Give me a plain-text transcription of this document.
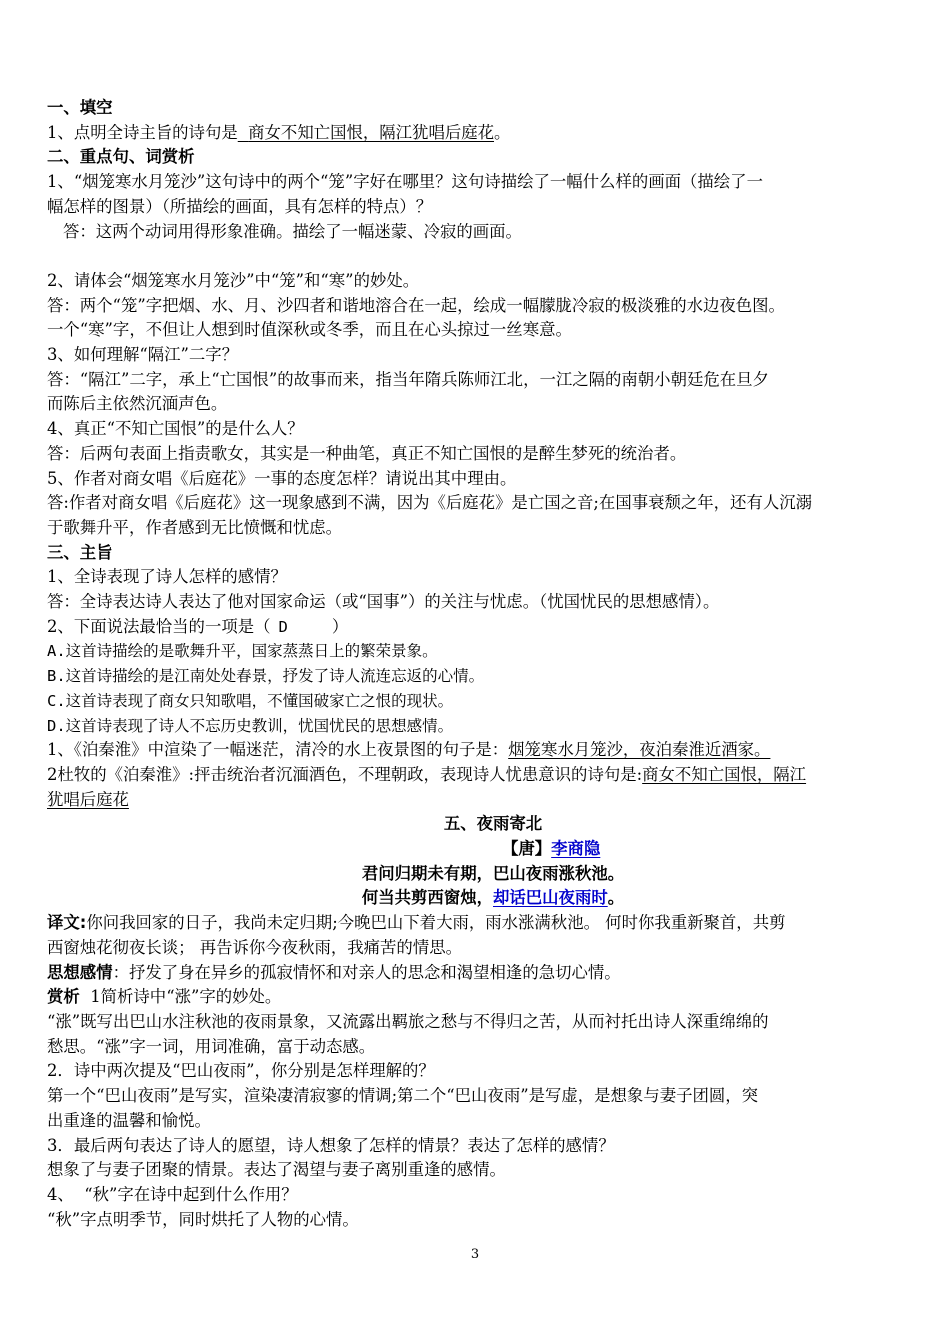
一、填空
1、点明全诗主旨的诗句是 商女不知亡国恨，隔江犹唱后庭花。
二、重点句、词赏析
1、“烟笼寒水月笼沙”这句诗中的两个“笼”字好在哪里？这句诗描绘了一幅什么样的画面（描绘了一
幅怎样的图景）（所描绘的画面，具有怎样的特点）？
答：这两个动词用得形象准确。描绘了一幅迷蒙、冷寂的画面。
2、请体会“烟笼寒水月笼沙”中“笼”和“寒”的妙处。
答：两个“笼”字把烟、水、月、沙四者和谐地溶合在一起，绘成一幅朦胧冷寂的极淡雅的水边夜色图。
一个“寒”字，不但让人想到时值深秋或冬季，而且在心头掠过一丝寒意。
3、如何理解“隔江”二字？
答：“隔江”二字，承上“亡国恨”的故事而来，指当年隋兵陈师江北，一江之隔的南朝小朝廷危在旦夕
而陈后主依然沉湎声色。
4、真正“不知亡国恨”的是什么人？
答：后两句表面上指责歌女，其实是一种曲笔，真正不知亡国恨的是醉生梦死的统治者。
5、作者对商女唱《后庭花》一事的态度怎样？请说出其中理由。
答:作者对商女唱《后庭花》这一现象感到不满，因为《后庭花》是亡国之音;在国事衰颓之年，还有人沉溺
于歌舞升平，作者感到无比愤慨和忧虑。
三、主旨
1、全诗表现了诗人怎样的感情？
答：全诗表达诗人表达了他对国家命运（或“国事”）的关注与忧虑。（忧国忧民的思想感情）。
2、下面说法最恰当的一项是（ D	）
A.这首诗描绘的是歌舞升平，国家蒸蒸日上的繁荣景象。
B.这首诗描绘的是江南处处春景，抒发了诗人流连忘返的心情。
C.这首诗表现了商女只知歌唱，不懂国破家亡之恨的现状。
D.这首诗表现了诗人不忘历史教训，忧国忧民的思想感情。
1、《泊秦淮》中渲染了一幅迷茫，清冷的水上夜景图的句子是：烟笼寒水月笼沙，夜泊秦淮近酒家。
2杜牧的《泊秦淮》:抨击统治者沉湎酒色，不理朝政，表现诗人忧患意识的诗句是:商女不知亡国恨，隔江
犹唱后庭花
五、夜雨寄北
【唐】李商隐
君问归期未有期，巴山夜雨涨秋池。
何当共剪西窗烛，却话巴山夜雨时。
译文:你问我回家的日子，我尚未定归期;今晚巴山下着大雨，雨水涨满秋池。 何时你我重新聚首，共剪
西窗烛花彻夜长谈； 再告诉你今夜秋雨，我痛苦的情思。
思想感情：抒发了身在异乡的孤寂情怀和对亲人的思念和渴望相逢的急切心情。
赏析  1简析诗中“涨”字的妙处。
“涨”既写出巴山水注秋池的夜雨景象，又流露出羁旅之愁与不得归之苦，从而衬托出诗人深重绵绵的
愁思。“涨”字一词，用词准确，富于动态感。
2．诗中两次提及“巴山夜雨”，你分别是怎样理解的？
第一个“巴山夜雨”是写实，渲染凄清寂寥的情调;第二个“巴山夜雨”是写虚，是想象与妻子团圆，突
出重逢的温馨和愉悦。
3．最后两句表达了诗人的愿望，诗人想象了怎样的情景？表达了怎样的感情？
想象了与妻子团聚的情景。表达了渴望与妻子离别重逢的感情。
4、  “秋”字在诗中起到什么作用？
“秋”字点明季节，同时烘托了人物的心情。
3
